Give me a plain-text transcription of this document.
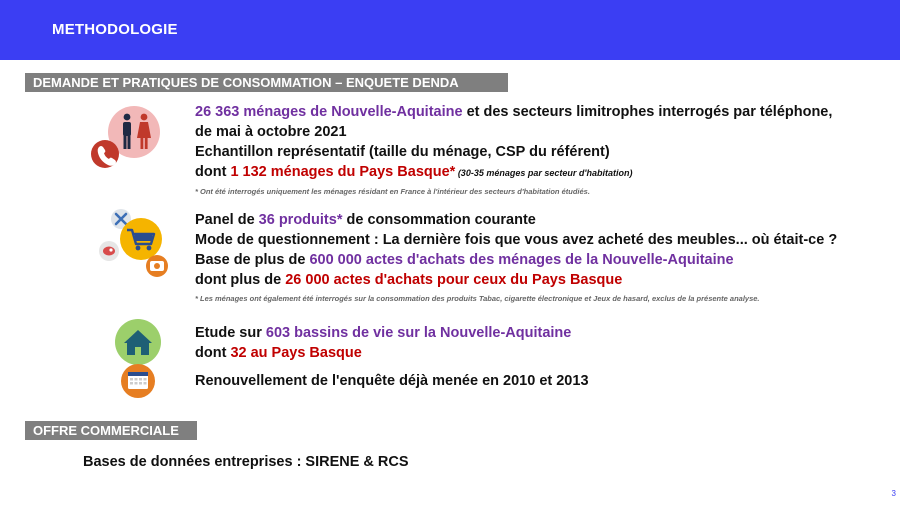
METHODOLOGIE
DEMANDE ET PRATIQUES DE CONSOMMATION – ENQUETE DENDA
26 363 ménages de Nouvelle-Aquitaine et des secteurs limitrophes interrogés par téléphone,
de mai à octobre 2021
Echantillon représentatif (taille du ménage, CSP du référent)
dont 1 132 ménages du Pays Basque* (30-35 ménages par secteur d'habitation)
* Ont été interrogés uniquement les ménages résidant en France à l'intérieur des secteurs d'habitation étudiés.
Panel de 36 produits* de consommation courante
Mode de questionnement : La dernière fois que vous avez acheté des meubles... où était-ce ?
Base de plus de 600 000 actes d'achats des ménages de la Nouvelle-Aquitaine
dont plus de 26 000 actes d'achats pour ceux du Pays Basque
* Les ménages ont également été interrogés sur la consommation des produits Tabac, cigarette électronique et Jeux de hasard, exclus de la présente analyse.
Etude sur 603 bassins de vie sur la Nouvelle-Aquitaine
dont 32 au Pays Basque
Renouvellement de l'enquête déjà menée en 2010 et 2013
OFFRE COMMERCIALE
Bases de données entreprises : SIRENE & RCS
3
